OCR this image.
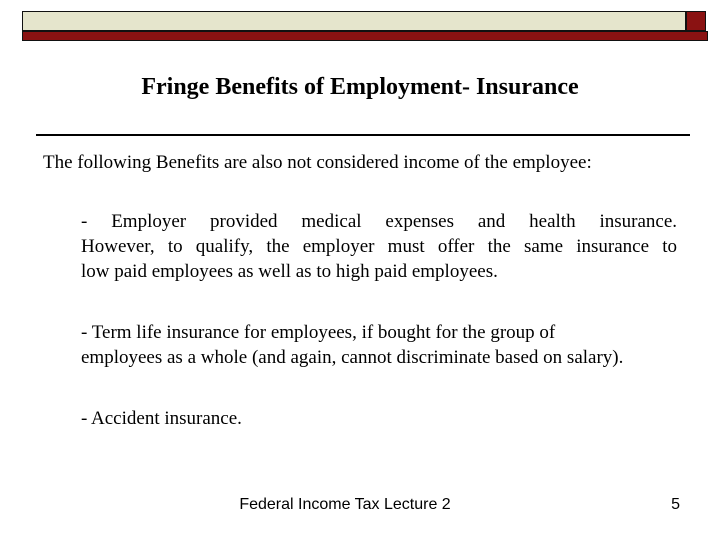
Fringe Benefits of Employment- Insurance

The following Benefits are also not considered income of the employee:

- Employer provided medical expenses and health insurance.
However, to qualify, the employer must offer the same insurance to
low paid employees as well as to high paid employees.

- Term life insurance for employees, if bought for the group of
employees as a whole (and again, cannot discriminate based on salary).

- Accident insurance.

Federal Income Tax Lecture 2	5
